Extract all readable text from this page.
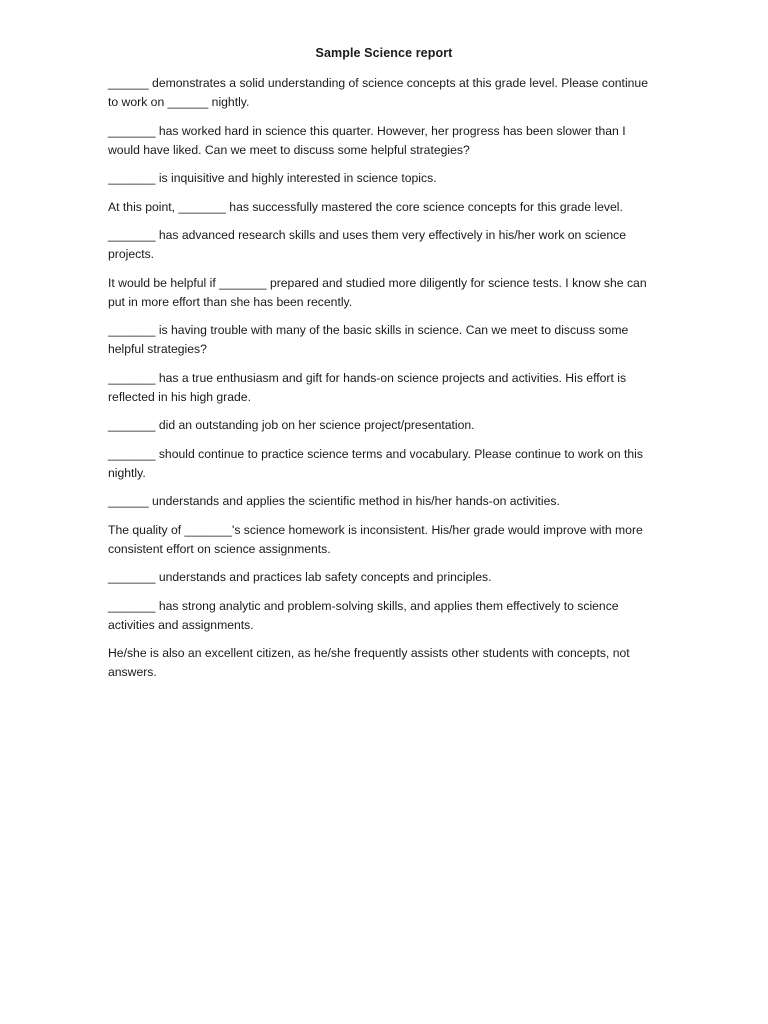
Sample Science report

______ demonstrates a solid understanding of science concepts at this grade level. Please continue to work on ______ nightly.

_______ has worked hard in science this quarter. However, her progress has been slower than I would have liked. Can we meet to discuss some helpful strategies?

_______ is inquisitive and highly interested in science topics.

At this point, _______ has successfully mastered the core science concepts for this grade level.

_______ has advanced research skills and uses them very effectively in his/her work on science projects.

It would be helpful if _______ prepared and studied more diligently for science tests. I know she can put in more effort than she has been recently.

_______ is having trouble with many of the basic skills in science. Can we meet to discuss some helpful strategies?

_______ has a true enthusiasm and gift for hands-on science projects and activities. His effort is reflected in his high grade.

_______ did an outstanding job on her science project/presentation.

_______ should continue to practice science terms and vocabulary. Please continue to work on this nightly.

______ understands and applies the scientific method in his/her hands-on activities.

The quality of _______'s science homework is inconsistent. His/her grade would improve with more consistent effort on science assignments.

_______ understands and practices lab safety concepts and principles.

_______ has strong analytic and problem-solving skills, and applies them effectively to science activities and assignments.

He/she is also an excellent citizen, as he/she frequently assists other students with concepts, not answers.
